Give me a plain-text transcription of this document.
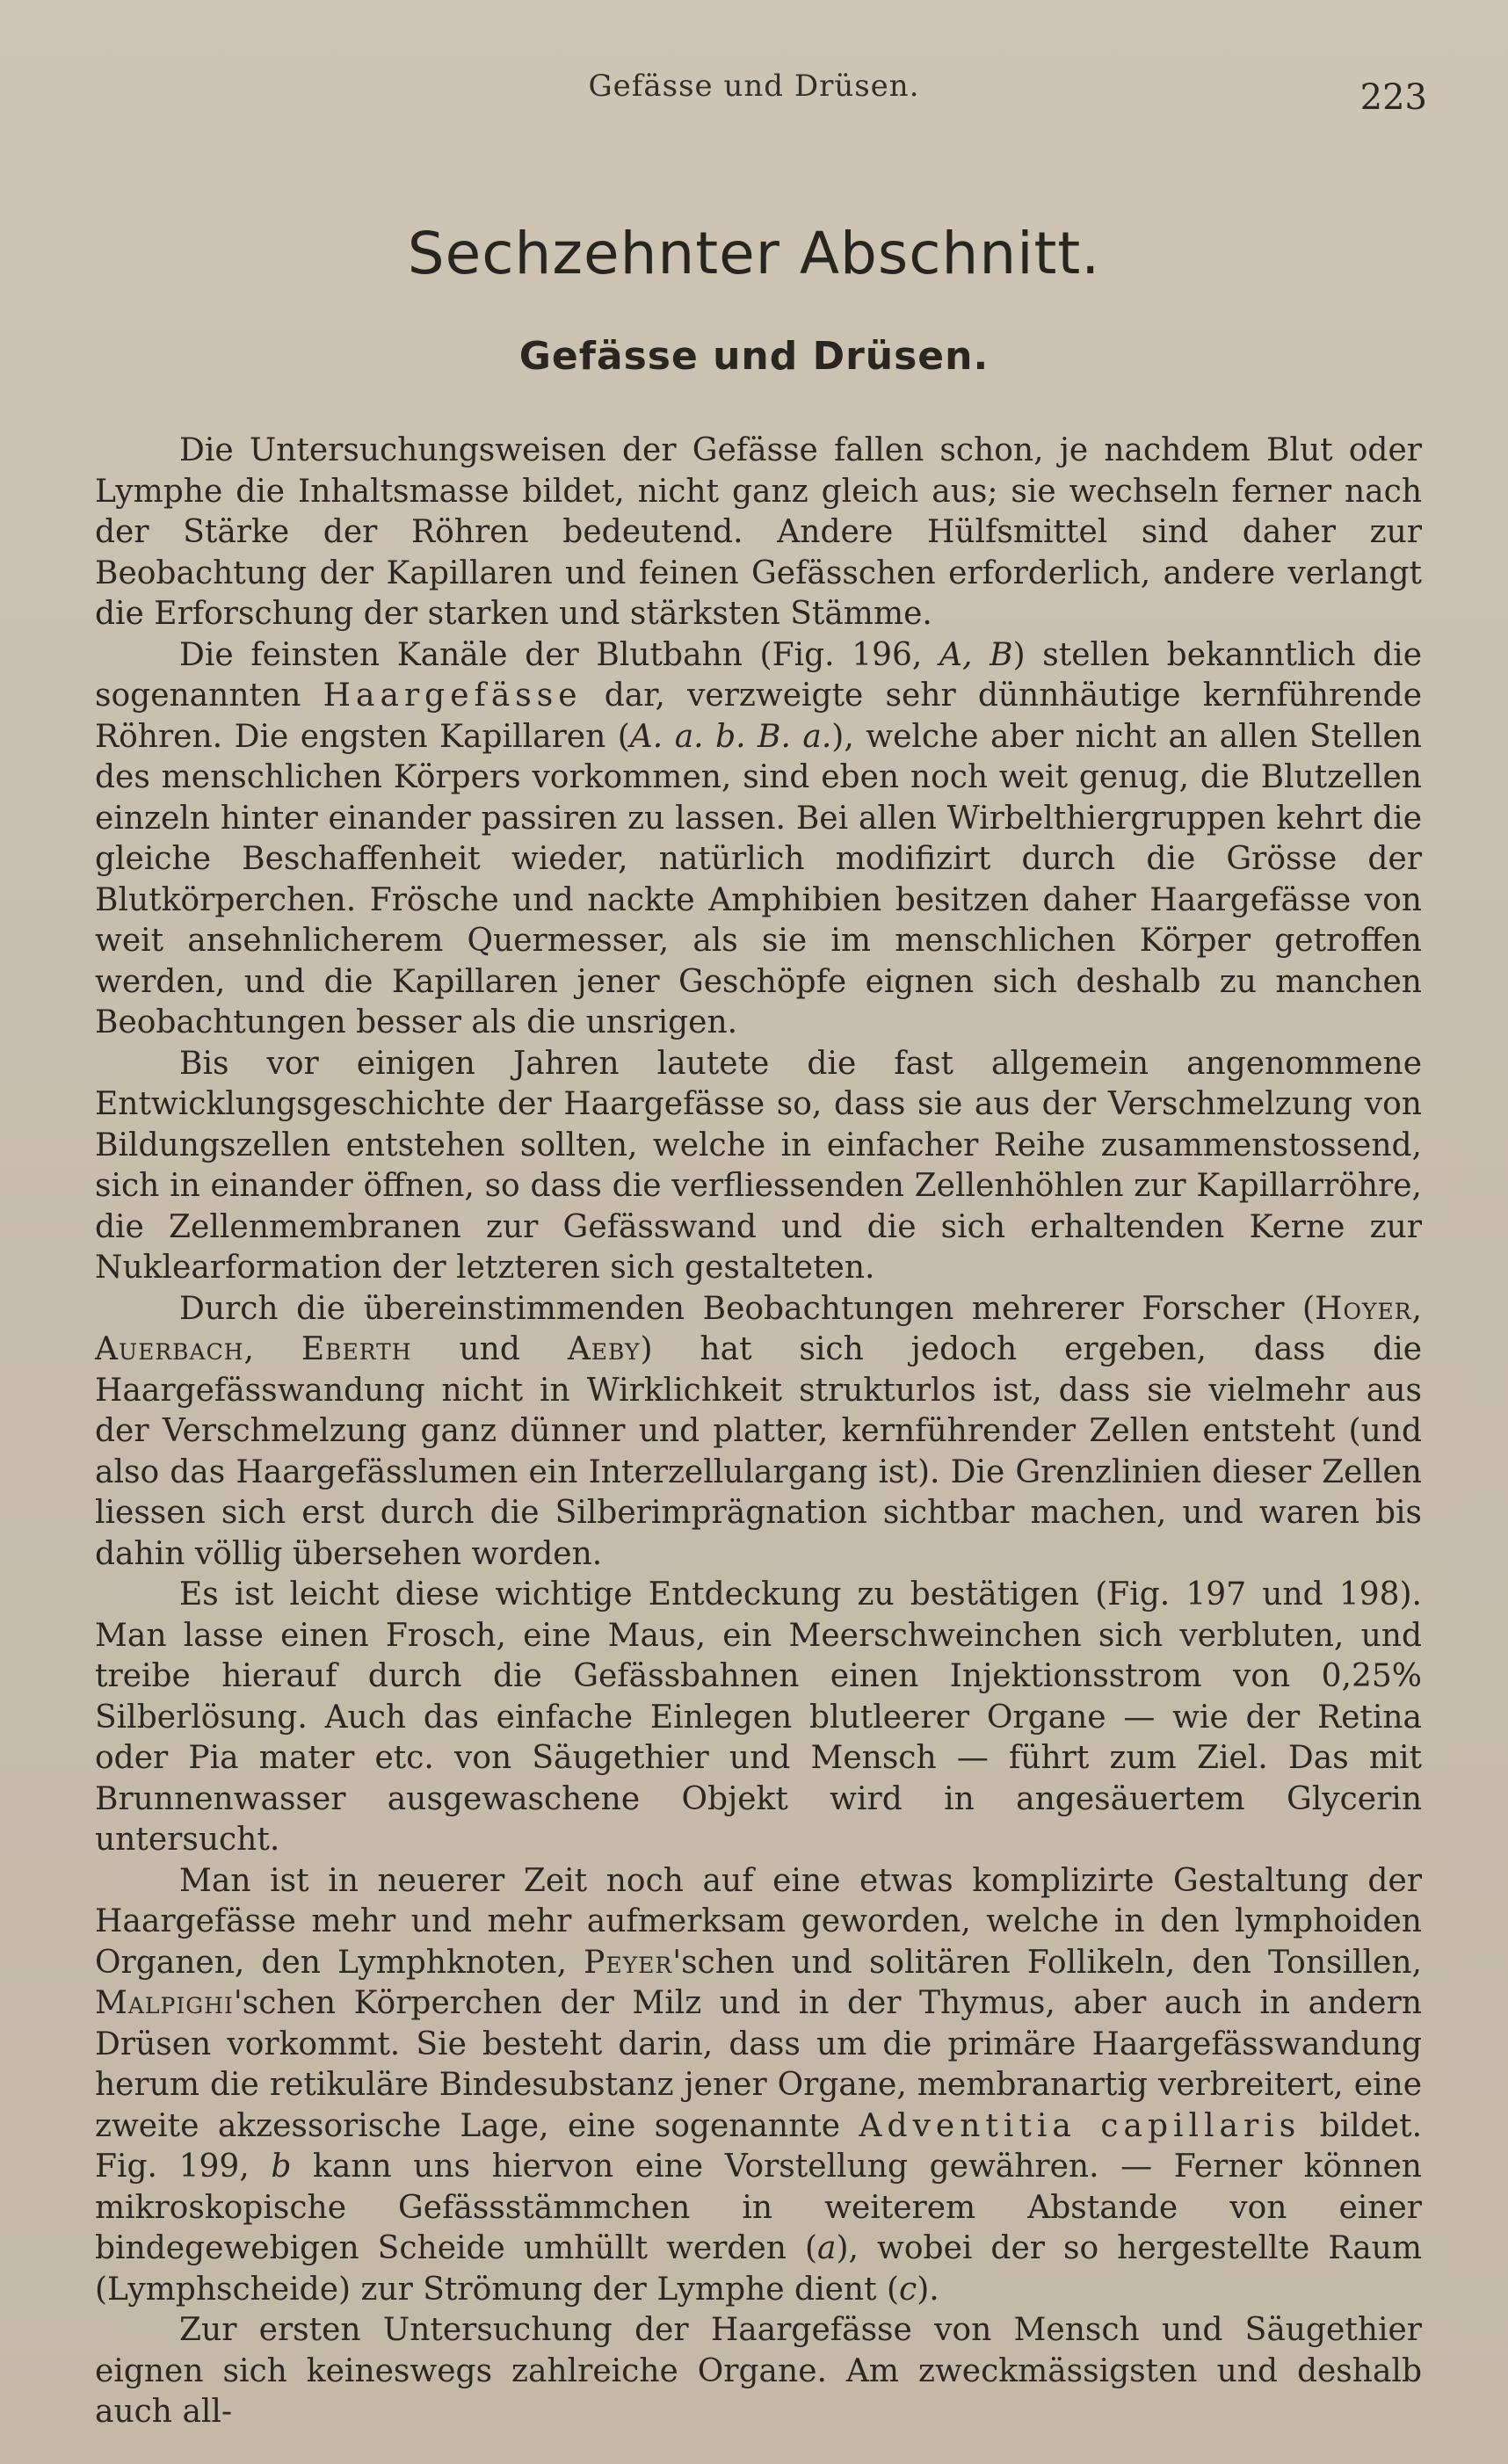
Gefässe und Drüsen.	223
Sechzehnter Abschnitt.
Gefässe und Drüsen.

Die Untersuchungsweisen der Gefässe fallen schon, je nachdem Blut oder Lymphe die Inhaltsmasse bildet, nicht ganz gleich aus; sie wechseln ferner nach der Stärke der Röhren bedeutend. Andere Hülfsmittel sind daher zur Beobachtung der Kapillaren und feinen Gefässchen erforderlich, andere verlangt die Erforschung der starken und stärksten Stämme.

Die feinsten Kanäle der Blutbahn (Fig. 196, A, B) stellen bekanntlich die sogenannten Haargefässe dar, verzweigte sehr dünnhäutige kernführende Röhren. Die engsten Kapillaren (A. a. b. B. a.), welche aber nicht an allen Stellen des menschlichen Körpers vorkommen, sind eben noch weit genug, die Blutzellen einzeln hinter einander passiren zu lassen. Bei allen Wirbelthiergruppen kehrt die gleiche Beschaffenheit wieder, natürlich modifizirt durch die Grösse der Blutkörperchen. Frösche und nackte Amphibien besitzen daher Haargefässe von weit ansehnlicherem Quermesser, als sie im menschlichen Körper getroffen werden, und die Kapillaren jener Geschöpfe eignen sich deshalb zu manchen Beobachtungen besser als die unsrigen.

Bis vor einigen Jahren lautete die fast allgemein angenommene Entwicklungsgeschichte der Haargefässe so, dass sie aus der Verschmelzung von Bildungszellen entstehen sollten, welche in einfacher Reihe zusammenstossend, sich in einander öffnen, so dass die verfliessenden Zellenhöhlen zur Kapillarröhre, die Zellenmembranen zur Gefässwand und die sich erhaltenden Kerne zur Nuklearformation der letzteren sich gestalteten.

Durch die übereinstimmenden Beobachtungen mehrerer Forscher (Hoyer, Auerbach, Eberth und Aeby) hat sich jedoch ergeben, dass die Haargefässwandung nicht in Wirklichkeit strukturlos ist, dass sie vielmehr aus der Verschmelzung ganz dünner und platter, kernführender Zellen entsteht (und also das Haargefässlumen ein Interzellulargang ist). Die Grenzlinien dieser Zellen liessen sich erst durch die Silberimprägnation sichtbar machen, und waren bis dahin völlig übersehen worden.

Es ist leicht diese wichtige Entdeckung zu bestätigen (Fig. 197 und 198). Man lasse einen Frosch, eine Maus, ein Meerschweinchen sich verbluten, und treibe hierauf durch die Gefässbahnen einen Injektionsstrom von 0,25% Silberlösung. Auch das einfache Einlegen blutleerer Organe — wie der Retina oder Pia mater etc. von Säugethier und Mensch — führt zum Ziel. Das mit Brunnenwasser ausgewaschene Objekt wird in angesäuertem Glycerin untersucht.

Man ist in neuerer Zeit noch auf eine etwas komplizirte Gestaltung der Haargefässe mehr und mehr aufmerksam geworden, welche in den lymphoiden Organen, den Lymphknoten, Peyer'schen und solitären Follikeln, den Tonsillen, Malpighi'schen Körperchen der Milz und in der Thymus, aber auch in andern Drüsen vorkommt. Sie besteht darin, dass um die primäre Haargefässwandung herum die retikuläre Bindesubstanz jener Organe, membranartig verbreitert, eine zweite akzessorische Lage, eine sogenannte Adventitia capillaris bildet. Fig. 199, b kann uns hiervon eine Vorstellung gewähren. — Ferner können mikroskopische Gefässstämmchen in weiterem Abstande von einer bindegewebigen Scheide umhüllt werden (a), wobei der so hergestellte Raum (Lymphscheide) zur Strömung der Lymphe dient (c).

Zur ersten Untersuchung der Haargefässe von Mensch und Säugethier eignen sich keineswegs zahlreiche Organe. Am zweckmässigsten und deshalb auch all-
